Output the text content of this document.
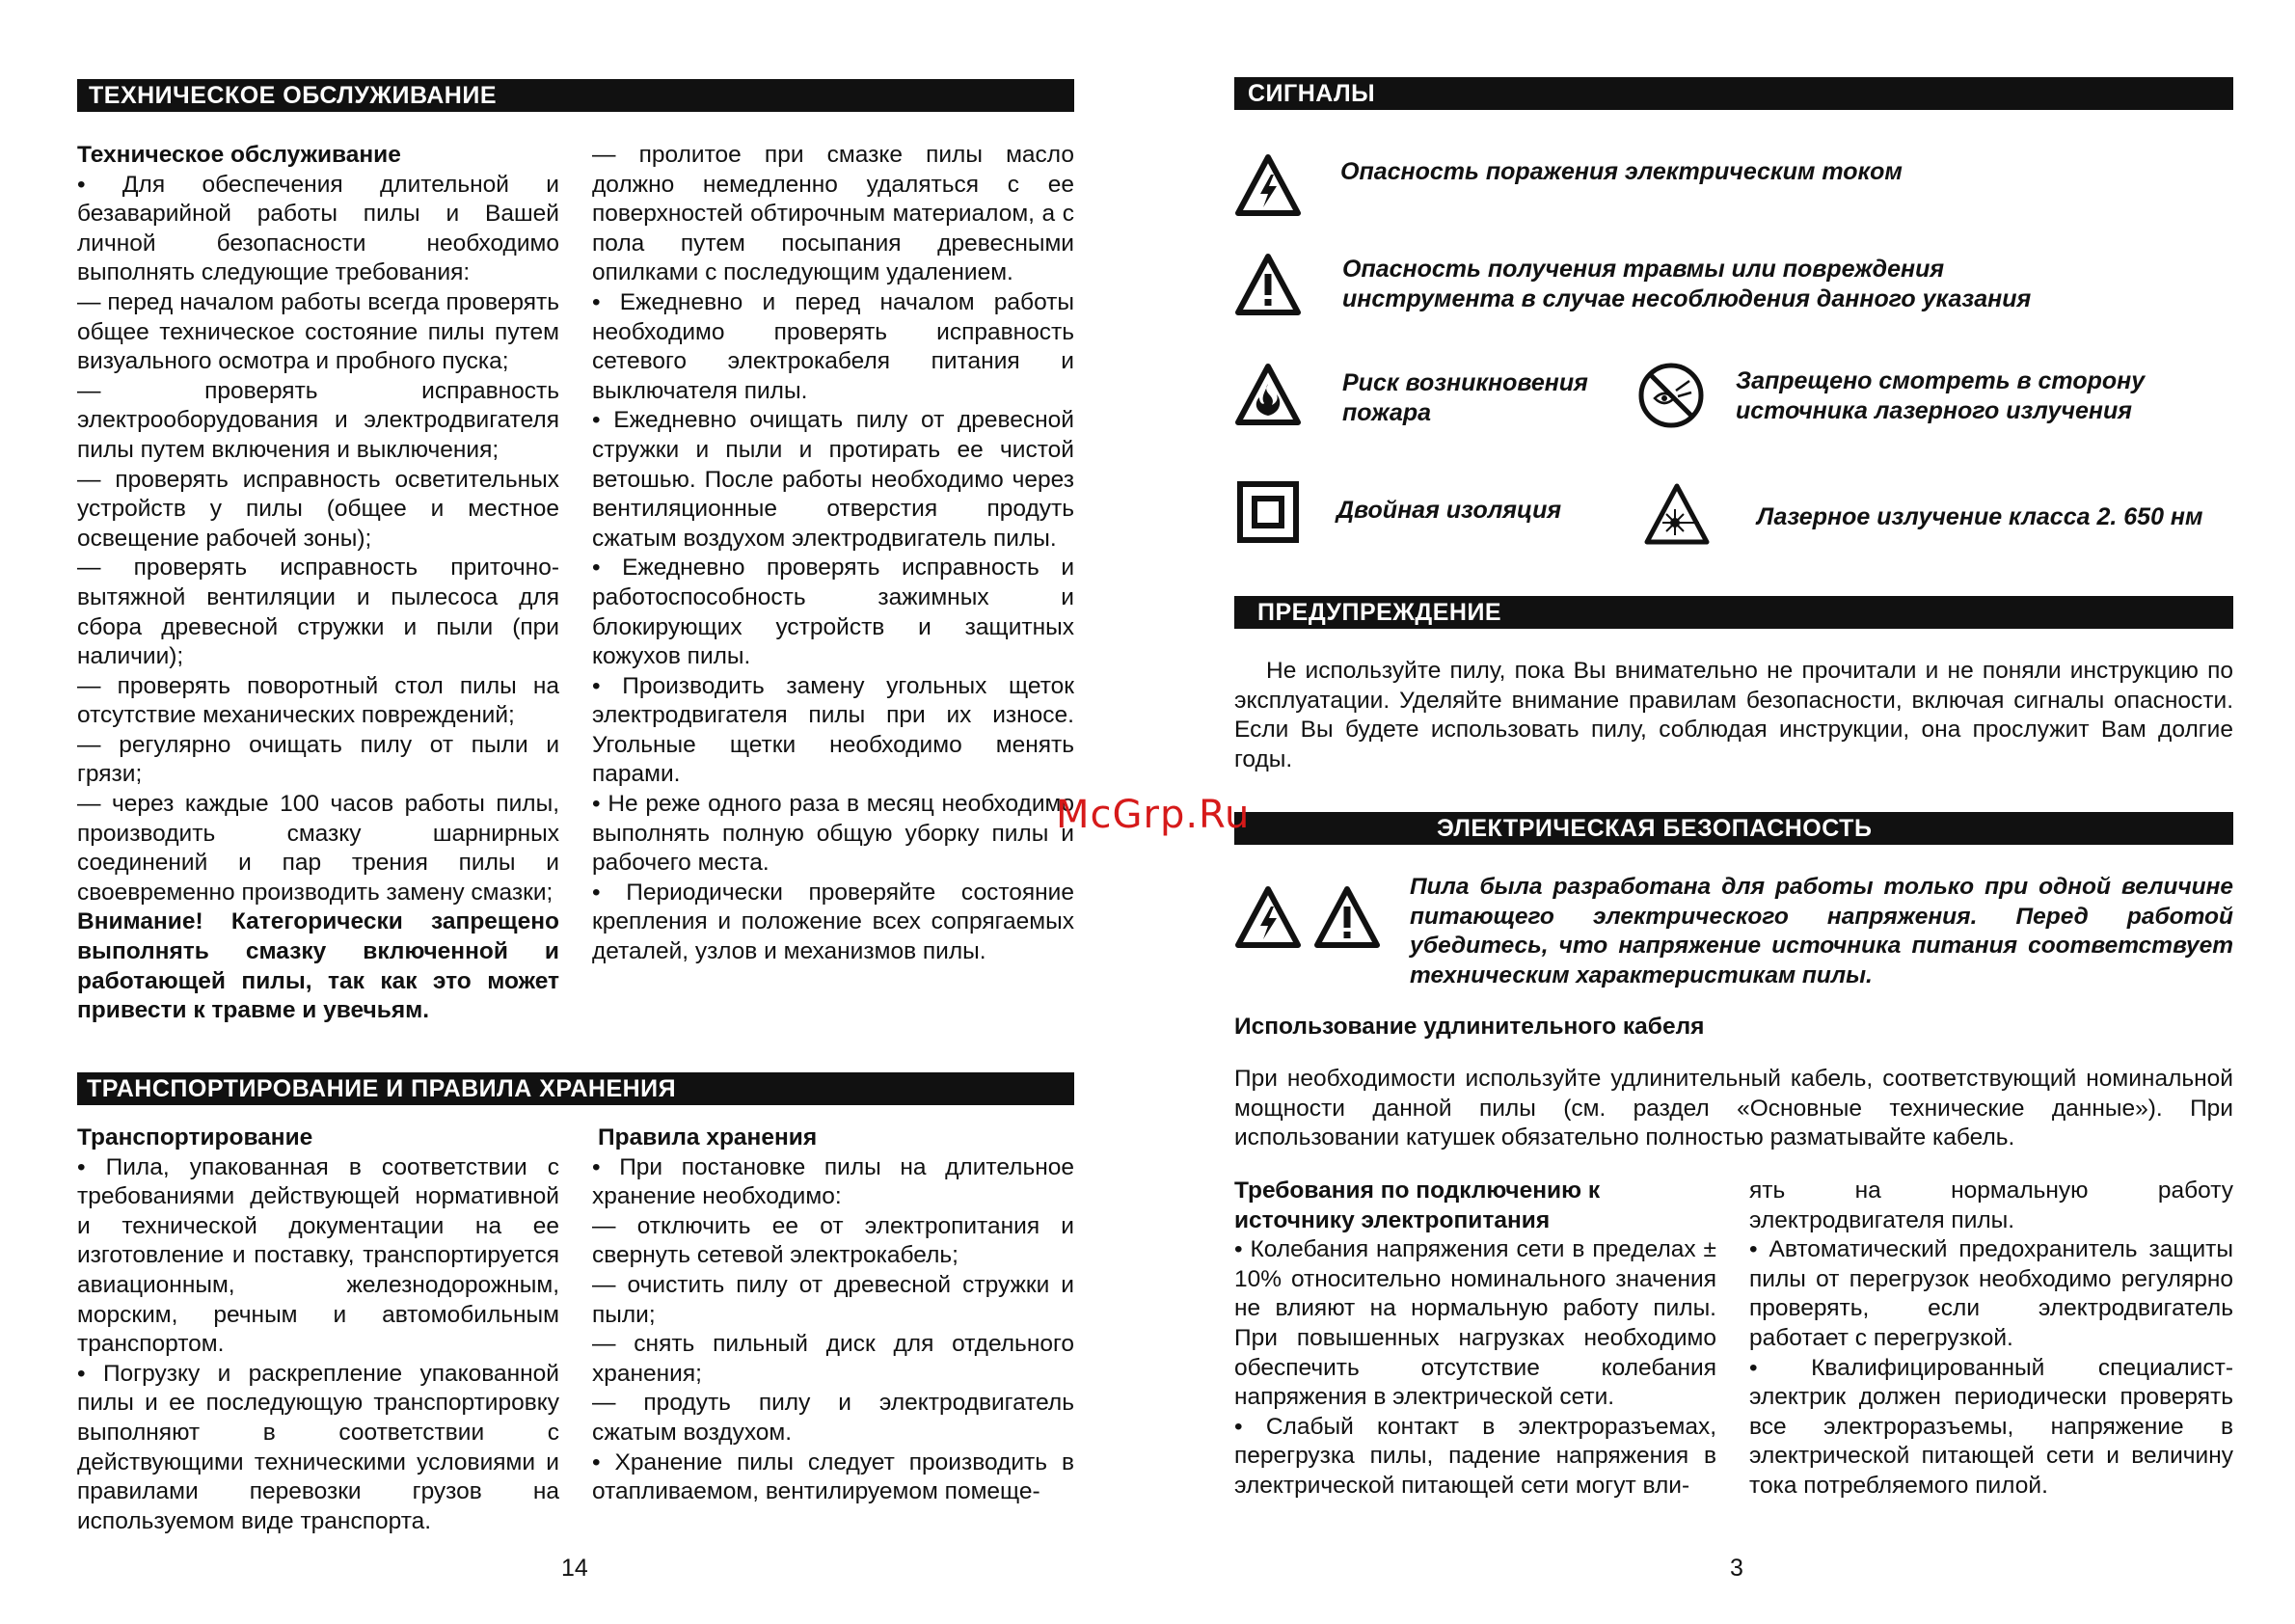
ТЕХНИЧЕСКОЕ ОБСЛУЖИВАНИЕ

Техническое обслуживание

• Для обеспечения длительной и безаварийной работы пилы и Вашей личной безопасности необходимо выполнять следующие требования:

— перед началом работы всегда проверять общее техническое состояние пилы путем визуального осмотра и пробного пуска;

— проверять исправность электрооборудования и электродвигателя пилы путем включения и выключения;

— проверять исправность осветительных устройств у пилы (общее и местное освещение рабочей зоны);

— проверять исправность приточно-вытяжной вентиляции и пылесоса для сбора древесной стружки и пыли (при наличии);

— проверять поворотный стол пилы на отсутствие механических повреждений;

— регулярно очищать пилу от пыли и грязи;

— через каждые 100 часов работы пилы, производить смазку шарнирных соединений и пар трения пилы и своевременно производить замену смазки;

Внимание! Категорически запрещено выполнять смазку включенной и работающей пилы, так как это может привести к травме и увечьям.

— пролитое при смазке пилы масло должно немедленно удаляться с ее поверхностей обтирочным материалом, а с пола путем посыпания древесными опилками с последующим удалением.

• Ежедневно и перед началом работы необходимо проверять исправность сетевого электрокабеля питания и выключателя пилы.

• Ежедневно очищать пилу от древесной стружки и пыли и протирать ее чистой ветошью. После работы необходимо через вентиляционные отверстия продуть сжатым воздухом электродвигатель пилы.

• Ежедневно проверять исправность и работоспособность зажимных и блокирующих устройств и защитных кожухов пилы.

• Производить замену угольных щеток электродвигателя пилы при их износе. Угольные щетки необходимо менять парами.

• Не реже одного раза в месяц необходимо выполнять полную общую уборку пилы и рабочего места.

• Периодически проверяйте состояние крепления и положение всех сопрягаемых деталей, узлов и механизмов пилы.

ТРАНСПОРТИРОВАНИЕ И ПРАВИЛА ХРАНЕНИЯ

Транспортирование

• Пила, упакованная в соответствии с требованиями действующей нормативной и технической документации на ее изготовление и поставку, транспортируется авиационным, железнодорожным, морским, речным и автомобильным транспортом.

• Погрузку и раскрепление упакованной пилы и ее последующую транспортировку выполняют в соответствии с действующими техническими условиями и правилами перевозки грузов на используемом виде транспорта.

Правила хранения

• При постановке пилы на длительное хранение необходимо:

— отключить ее от электропитания и свернуть сетевой электрокабель;

— очистить пилу от древесной стружки и пыли;

— снять пильный диск для отдельного хранения;

— продуть пилу и электродвигатель сжатым воздухом.

• Хранение пилы следует производить в отапливаемом, вентилируемом помеще-

14
СИГНАЛЫ
Опасность поражения электрическим током
Опасность получения травмы или повреждения
инструмента в случае несоблюдения данного указания
Риск возникновения
пожара
Запрещено смотреть в сторону
источника лазерного излучения
Двойная изоляция	Лазерное излучение класса 2. 650 нм
ПРЕДУПРЕЖДЕНИЕ
Не используйте пилу, пока Вы внимательно не прочитали и не поняли инструкцию по эксплуатации. Уделяйте внимание правилам безопасности, включая сигналы опасности. Если Вы будете использовать пилу, соблюдая инструкции, она прослужит Вам долгие годы.
ЭЛЕКТРИЧЕСКАЯ БЕЗОПАСНОСТЬ
Пила была разработана для работы только при одной величине питающего электрического напряжения. Перед работой убедитесь, что напряжение источника питания соответствует техническим характеристикам пилы.
Использование удлинительного кабеля
При необходимости используйте удлинительный кабель, соответствующий номинальной мощности данной пилы (см. раздел «Основные технические данные»). При использовании катушек обязательно полностью разматывайте кабель.

Требования по подключению к источнику электропитания

• Колебания напряжения сети в пределах ± 10% относительно номинального значения не влияют на нормальную работу пилы. При повышенных нагрузках необходимо обеспечить отсутствие колебания напряжения в электрической сети.

• Слабый контакт в электроразъемах, перегрузка пилы, падение напряжения в электрической питающей сети могут вли-

ять на нормальную работу электродвигателя пилы.

• Автоматический предохранитель защиты пилы от перегрузок необходимо регулярно проверять, если электродвигатель работает с перегрузкой.

• Квалифицированный специалист-электрик должен периодически проверять все электроразъемы, напряжение в электрической питающей сети и величину тока потребляемого пилой.

3
McGrp.Ru
